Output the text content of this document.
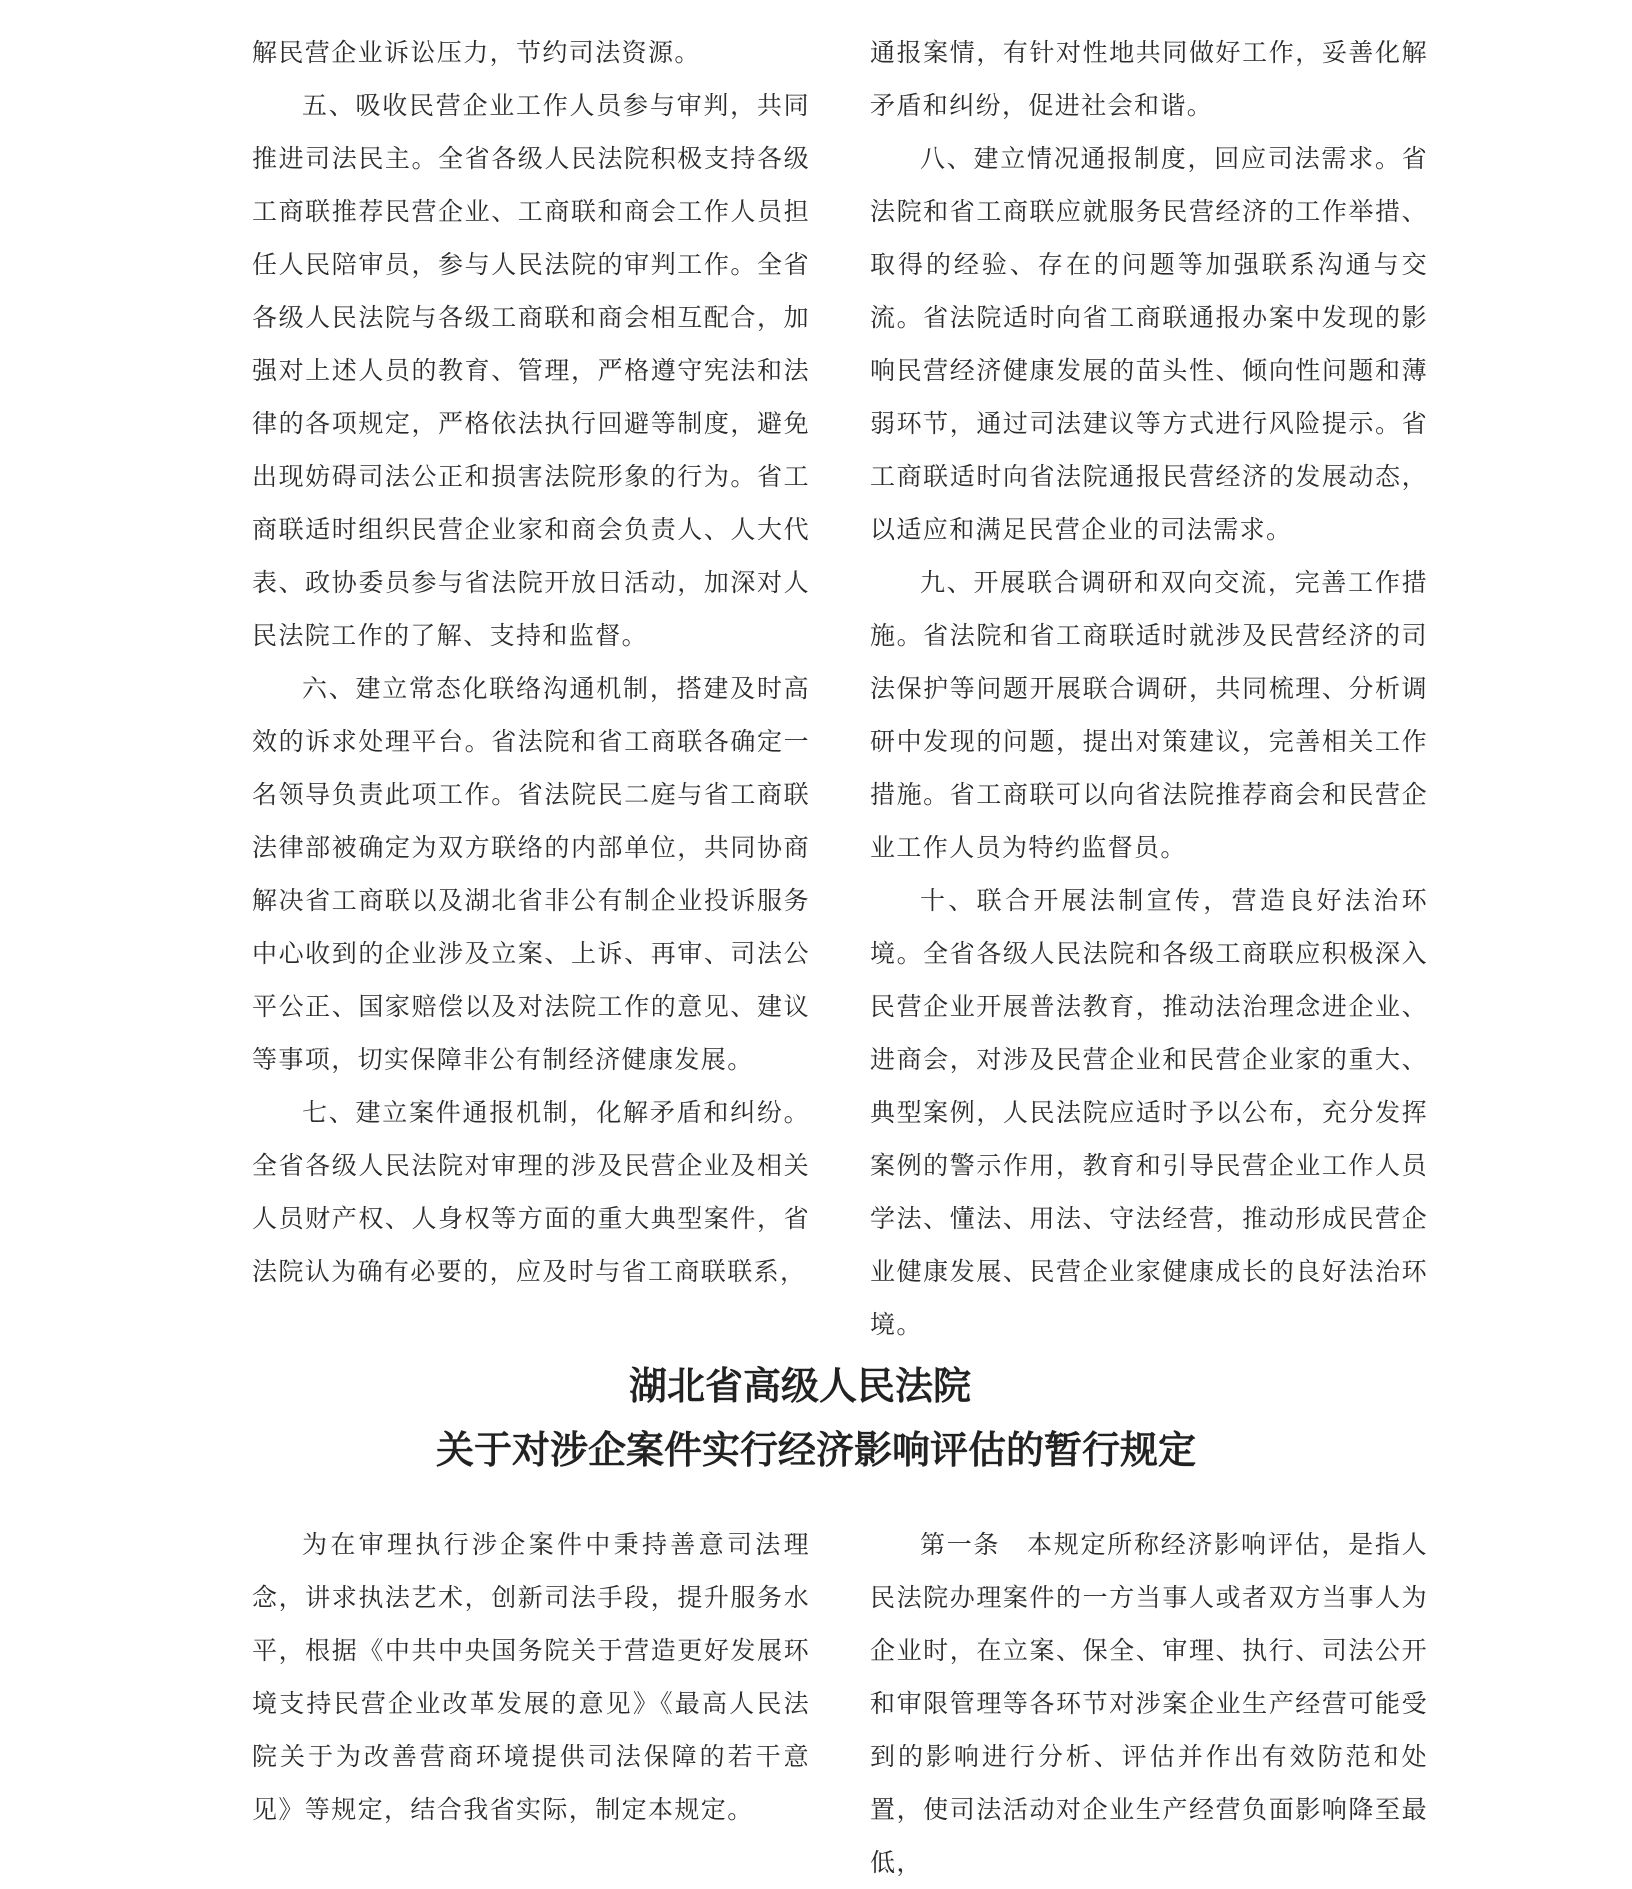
解民营企业诉讼压力，节约司法资源。

五、吸收民营企业工作人员参与审判，共同推进司法民主。全省各级人民法院积极支持各级工商联推荐民营企业、工商联和商会工作人员担任人民陪审员，参与人民法院的审判工作。全省各级人民法院与各级工商联和商会相互配合，加强对上述人员的教育、管理，严格遵守宪法和法律的各项规定，严格依法执行回避等制度，避免出现妨碍司法公正和损害法院形象的行为。省工商联适时组织民营企业家和商会负责人、人大代表、政协委员参与省法院开放日活动，加深对人民法院工作的了解、支持和监督。

六、建立常态化联络沟通机制，搭建及时高效的诉求处理平台。省法院和省工商联各确定一名领导负责此项工作。省法院民二庭与省工商联法律部被确定为双方联络的内部单位，共同协商解决省工商联以及湖北省非公有制企业投诉服务中心收到的企业涉及立案、上诉、再审、司法公平公正、国家赔偿以及对法院工作的意见、建议等事项，切实保障非公有制经济健康发展。

七、建立案件通报机制，化解矛盾和纠纷。全省各级人民法院对审理的涉及民营企业及相关人员财产权、人身权等方面的重大典型案件，省法院认为确有必要的，应及时与省工商联联系，

通报案情，有针对性地共同做好工作，妥善化解矛盾和纠纷，促进社会和谐。

八、建立情况通报制度，回应司法需求。省法院和省工商联应就服务民营经济的工作举措、取得的经验、存在的问题等加强联系沟通与交流。省法院适时向省工商联通报办案中发现的影响民营经济健康发展的苗头性、倾向性问题和薄弱环节，通过司法建议等方式进行风险提示。省工商联适时向省法院通报民营经济的发展动态，以适应和满足民营企业的司法需求。

九、开展联合调研和双向交流，完善工作措施。省法院和省工商联适时就涉及民营经济的司法保护等问题开展联合调研，共同梳理、分析调研中发现的问题，提出对策建议，完善相关工作措施。省工商联可以向省法院推荐商会和民营企业工作人员为特约监督员。

十、联合开展法制宣传，营造良好法治环境。全省各级人民法院和各级工商联应积极深入民营企业开展普法教育，推动法治理念进企业、进商会，对涉及民营企业和民营企业家的重大、典型案例，人民法院应适时予以公布，充分发挥案例的警示作用，教育和引导民营企业工作人员学法、懂法、用法、守法经营，推动形成民营企业健康发展、民营企业家健康成长的良好法治环境。

湖北省高级人民法院
关于对涉企案件实行经济影响评估的暂行规定

为在审理执行涉企案件中秉持善意司法理念，讲求执法艺术，创新司法手段，提升服务水平，根据《中共中央国务院关于营造更好发展环境支持民营企业改革发展的意见》《最高人民法院关于为改善营商环境提供司法保障的若干意见》等规定，结合我省实际，制定本规定。

第一条　本规定所称经济影响评估，是指人民法院办理案件的一方当事人或者双方当事人为企业时，在立案、保全、审理、执行、司法公开和审限管理等各环节对涉案企业生产经营可能受到的影响进行分析、评估并作出有效防范和处置，使司法活动对企业生产经营负面影响降至最低，
